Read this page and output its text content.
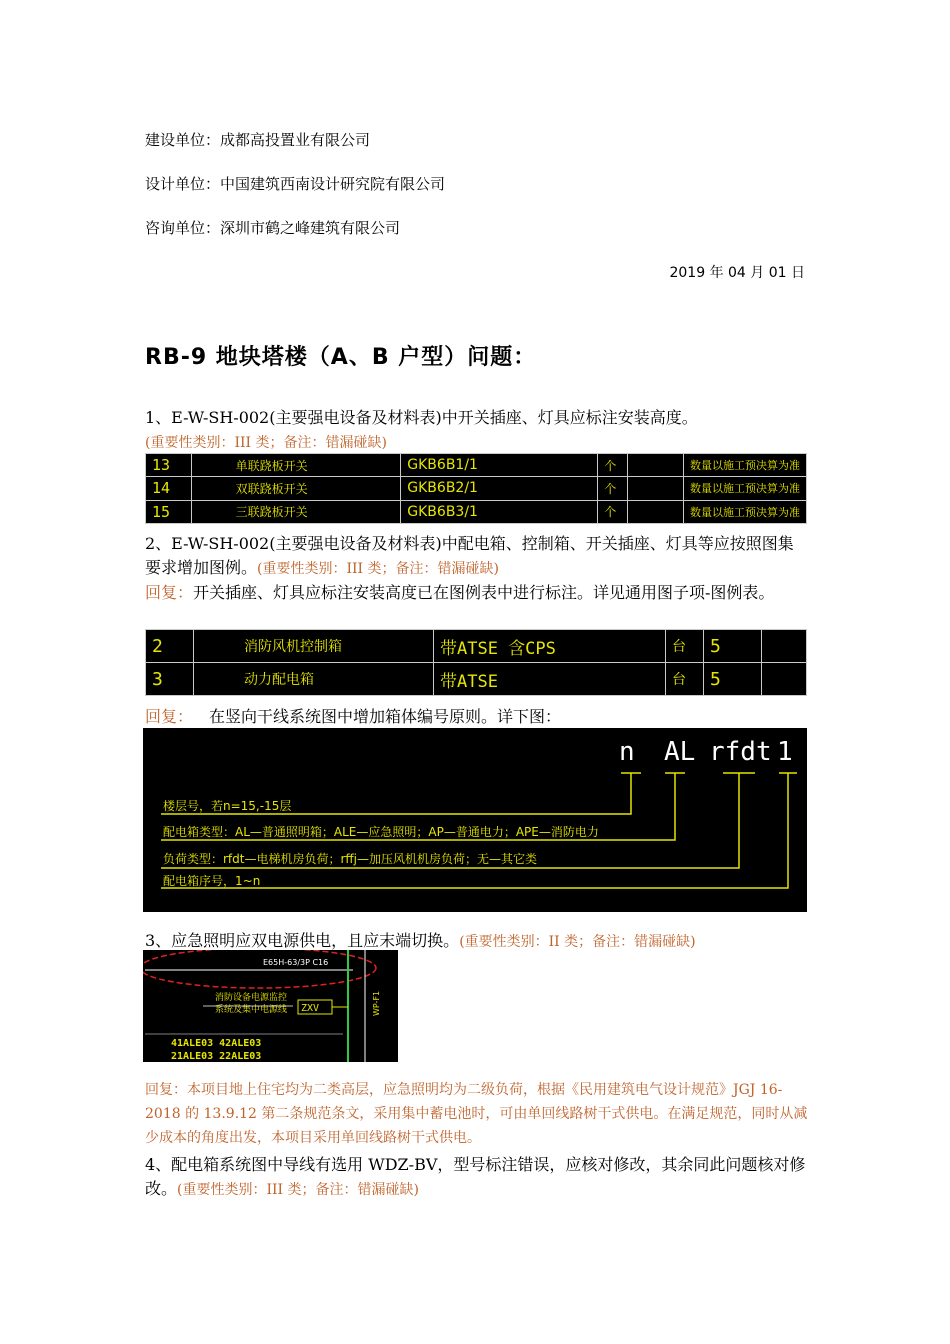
建设单位：成都高投置业有限公司
设计单位：中国建筑西南设计研究院有限公司
咨询单位：深圳市鹤之峰建筑有限公司
2019 年 04 月 01 日
RB-9 地块塔楼（A、B 户型）问题：
1、E-W-SH-002(主要强电设备及材料表)中开关插座、灯具应标注安装高度。
(重要性类别：III 类；备注：错漏碰缺)
13	单联跷板开关	GKB6B1/1	个		数量以施工预决算为准
14	双联跷板开关	GKB6B2/1	个		数量以施工预决算为准
15	三联跷板开关	GKB6B3/1	个		数量以施工预决算为准
2、E-W-SH-002(主要强电设备及材料表)中配电箱、控制箱、开关插座、灯具等应按照图集要求增加图例。(重要性类别：III 类；备注：错漏碰缺)
回复：开关插座、灯具应标注安装高度已在图例表中进行标注。详见通用图子项-图例表。
2	消防风机控制箱	带ATSE 含CPS	台	5	
3	动力配电箱	带ATSE	台	5	
回复： 在竖向干线系统图中增加箱体编号原则。详下图：
n AL rfdt 1
楼层号，若n=15,-15层
配电箱类型：AL—普通照明箱；ALE—应急照明；AP—普通电力；APE—消防电力
负荷类型：rfdt—电梯机房负荷；rffj—加压风机机房负荷；无—其它类
配电箱序号，1~n
3、应急照明应双电源供电，且应末端切换。(重要性类别：II 类；备注：错漏碰缺)
E65H-63/3P C16
WP-F1
消防设备电源监控
系统及集中电源线 ZXV
41ALE03 42ALE03
21ALE03 22ALE03
回复：本项目地上住宅均为二类高层，应急照明均为二级负荷，根据《民用建筑电气设计规范》JGJ 16-2018 的 13.9.12 第二条规范条文，采用集中蓄电池时，可由单回线路树干式供电。在满足规范，同时从减少成本的角度出发，本项目采用单回线路树干式供电。
4、配电箱系统图中导线有选用 WDZ-BV，型号标注错误，应核对修改，其余同此问题核对修改。(重要性类别：III 类；备注：错漏碰缺)
